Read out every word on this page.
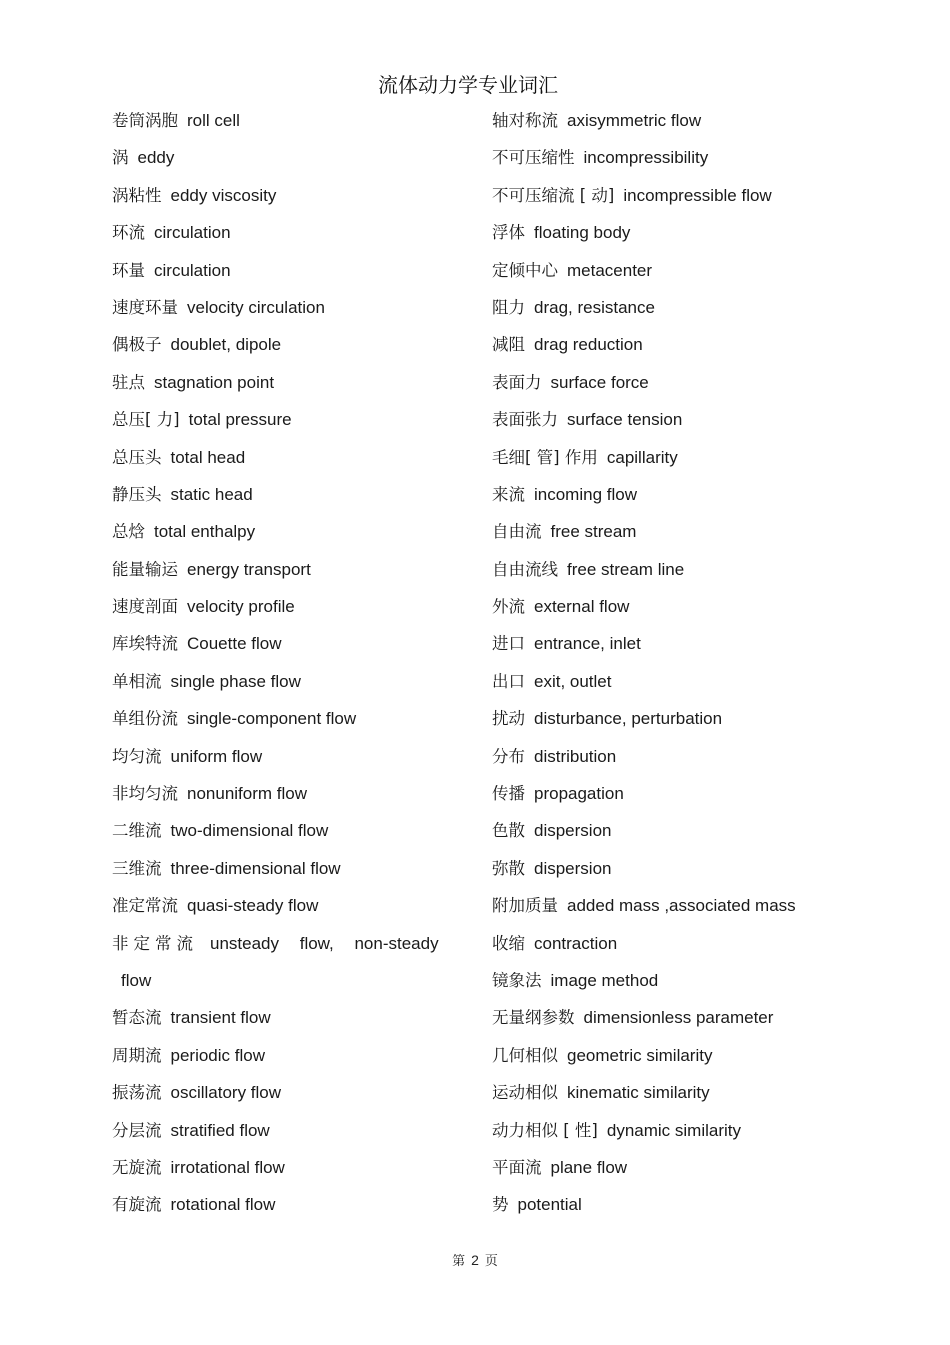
流体动力学专业词汇
卷筒涡胞 roll cell
涡 eddy
涡粘性 eddy viscosity
环流 circulation
环量 circulation
速度环量 velocity circulation
偶极子 doublet, dipole
驻点 stagnation point
总压[ 力] total pressure
总压头 total head
静压头 static head
总焓 total enthalpy
能量输运 energy transport
速度剖面 velocity profile
库埃特流 Couette flow
单相流 single phase flow
单组份流 single-component flow
均匀流 uniform flow
非均匀流 nonuniform flow
二维流 two-dimensional flow
三维流 three-dimensional flow
准定常流 quasi-steady flow
非定常流 unsteady flow, non-steady
flow
暂态流 transient flow
周期流 periodic flow
振荡流 oscillatory flow
分层流 stratified flow
无旋流 irrotational flow
有旋流 rotational flow
轴对称流 axisymmetric flow
不可压缩性 incompressibility
不可压缩流 [ 动] incompressible flow
浮体 floating body
定倾中心 metacenter
阻力 drag, resistance
减阻 drag reduction
表面力 surface force
表面张力 surface tension
毛细[ 管] 作用 capillarity
来流 incoming flow
自由流 free stream
自由流线 free stream line
外流 external flow
进口 entrance, inlet
出口 exit, outlet
扰动 disturbance, perturbation
分布 distribution
传播 propagation
色散 dispersion
弥散 dispersion
附加质量 added mass ,associated mass
收缩 contraction
镜象法 image method
无量纲参数 dimensionless parameter
几何相似 geometric similarity
运动相似 kinematic similarity
动力相似 [ 性] dynamic similarity
平面流 plane flow
势 potential
第 2 页
